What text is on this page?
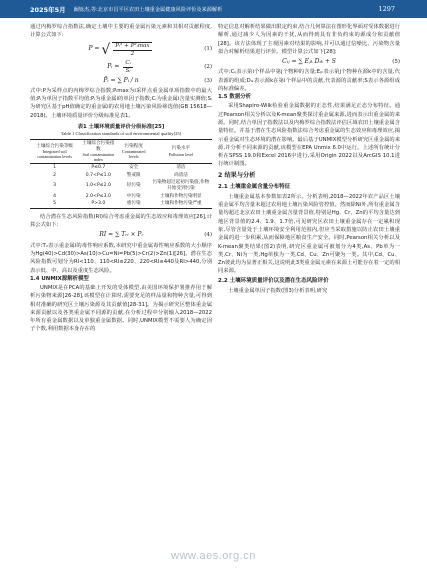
2025年5月	阚铄杰,等:北京市昌平区农田土壤重金属健康风险评价及来源解析	1297

通过内梅罗综合指数法,确定土壤中主要的重金属污染元素和其相对贡献程度,计算公式如下:

P = √ $\frac{\text{P̄ᵢ² + P²ᵢmax}}{2}$	(1)
Pᵢ = $\frac{\text{Cᵢ}}{\text{Sᵢ}}$	(2)
P̄ᵢ = ∑ Pᵢ / n	(3)

式中:P为采样点的内梅罗综合指数;Pᵢmax为i采样点重金属单项指数中的最大值;Pᵢ为单因子指数平均值;Pᵢ为重金属i的单因子指数;Cᵢ为重金属i含量实测值;Sᵢ为研究区基于pH值确定的重金属i的农用地土壤污染风险筛选值(GB 15618—2018)。土壤环境质量评价分级标准见表1。

表1 土壤环境质量评价分级标准[25]
Table 1 Classification standards of soil environmental quality[25]
土壤综合污染等级
Integrated soil contamination levels	土壤综合污染指数
Soil contamination index	污染程度
Contaminated levels	污染水平
Pollution level

1	P≤0.7	安全	清洁
2	0.7<P≤1.0	警戒限	尚清洁
3	1.0<P≤2.0	轻污染	污染物超过起初污染值,作物开始受到污染
4	2.0<P≤3.0	中污染	土壤和作物污染明显
5	P>3.0	重污染	土壤和作物污染严重

结合潜在生态风险指数(RI)综合考虑重金属的生态效应和毒理效应[26],计算公式如下:

RI = ∑ Tᵣᵢ × Pᵢ	(4)

式中:Tᵣᵢ表示重金属i的毒性响应系数,本研究中重金属毒性响应系数的大小顺序为Hg(40)>Cd(30)>As(10)>Cu=Ni=Pb(5)>Cr(2)>Zn(1)[26]。潜在生态风险指数可划分为RI<110、110<RI≤220、220<RI≤440及RI>440,分别表示低、中、高以及重度生态风险。

1.4 UNMIX源解析模型

UNMIX是在PCA的基础上开发的受体模型,由美国环境保护署推荐用于解析污染物来源[26-28],该模型在计算时,需要充足的样品量和物种含量,可得到相对准确的研究区土壤污染源及其贡献值[28-31]。为揭示研究区整体重金属来源贡献以及各类重金属不同源的贡献,在分析过程中分别输入2018—2022年所有重金属数据以及单独重金属数据。同时,UNMIX模型不需要人为确定因子个数,利用数据本身存在的

特定信息对解析结果做出限定约束,结合几何算法在图形化界面对受体数据进行解析,通过减少人为因素的干扰,从而得到具有非负约束的源成分和贡献值[28]。该方法体现了主观因素对结果的影响,并可以通过信噪比、污染物含量拟合对解析结果进行评价。模型计算公式如下[28]:

Cᵢⱼ = ∑ Eⱼₖ Dᵢₖ + S	(5)

式中:Cᵢⱼ表示第i个样品中第j个物种的含量;Eⱼₖ表示第j个物种在源k中的含量,代表源的组成;Dᵢₖ表示源k在第i个样品中的贡献,代表源的贡献率;S表示各源组成的标准偏差。

1.5 数据分析

采用Shapiro-Wilk检验重金属数据的正态性,结果满足正态分布特征。通过Pearson相关分析以及K-mean聚类探讨重金属来源,进而表示出重金属的来源。同时,结合单因子指数法以及内梅罗综合指数法评估区域农田土壤重金属含量特征。并基于潜在生态风险指数法综合考虑重金属的生态效应和毒理效应,揭示重金属对生态环境的潜在影响。最后基于UNMIX模型分析研究区重金属的来源,并分析不同来源的贡献,该模型在EPA Unmix 6.0中运行。上述所有统计分析在SPSS 19.0和Excel 2016中进行,采用Origin 2022以及ArcGIS 10.1进行统计制图。

2 结果与分析
2.1 土壤重金属含量分布特征

土壤重金属基本参数如表2所示。分析表明,2018—2022年农产品区土壤重金属平均含量未超过农用地土壤污染风险管控值。然而除Ni外,所有重金属含量均超过北京农田土壤重金属含量背景值,特别是Hg、Cr、Zn的平均含量达到地区背景值的2.4、1.9、1.7倍,可见研究区农田土壤重金属存在一定累积现象,尽管含量处于土壤环境安全利用范围内,但应当采取措施以防止农田土壤重金属的进一步积累,从而保障地区粮食生产安全。同时,Pearson相关分析以及K-mean聚类结果(图2)表明,研究区重金属可被划分为4类,As、Pb单为一类,Cr、Ni为一类,Hg单独为一类,Cd、Cu、Zn可聚为一类。其中,Cd、Cu、Zn彼此均为显著正相关,这说明此3类重金属元素在来源上可能存在着一定的相同来源。

2.2 土壤环境质量评价以及潜在生态风险评价

土壤重金属单因子指数(图3)分析表明,研究

www.aes.org.cn
